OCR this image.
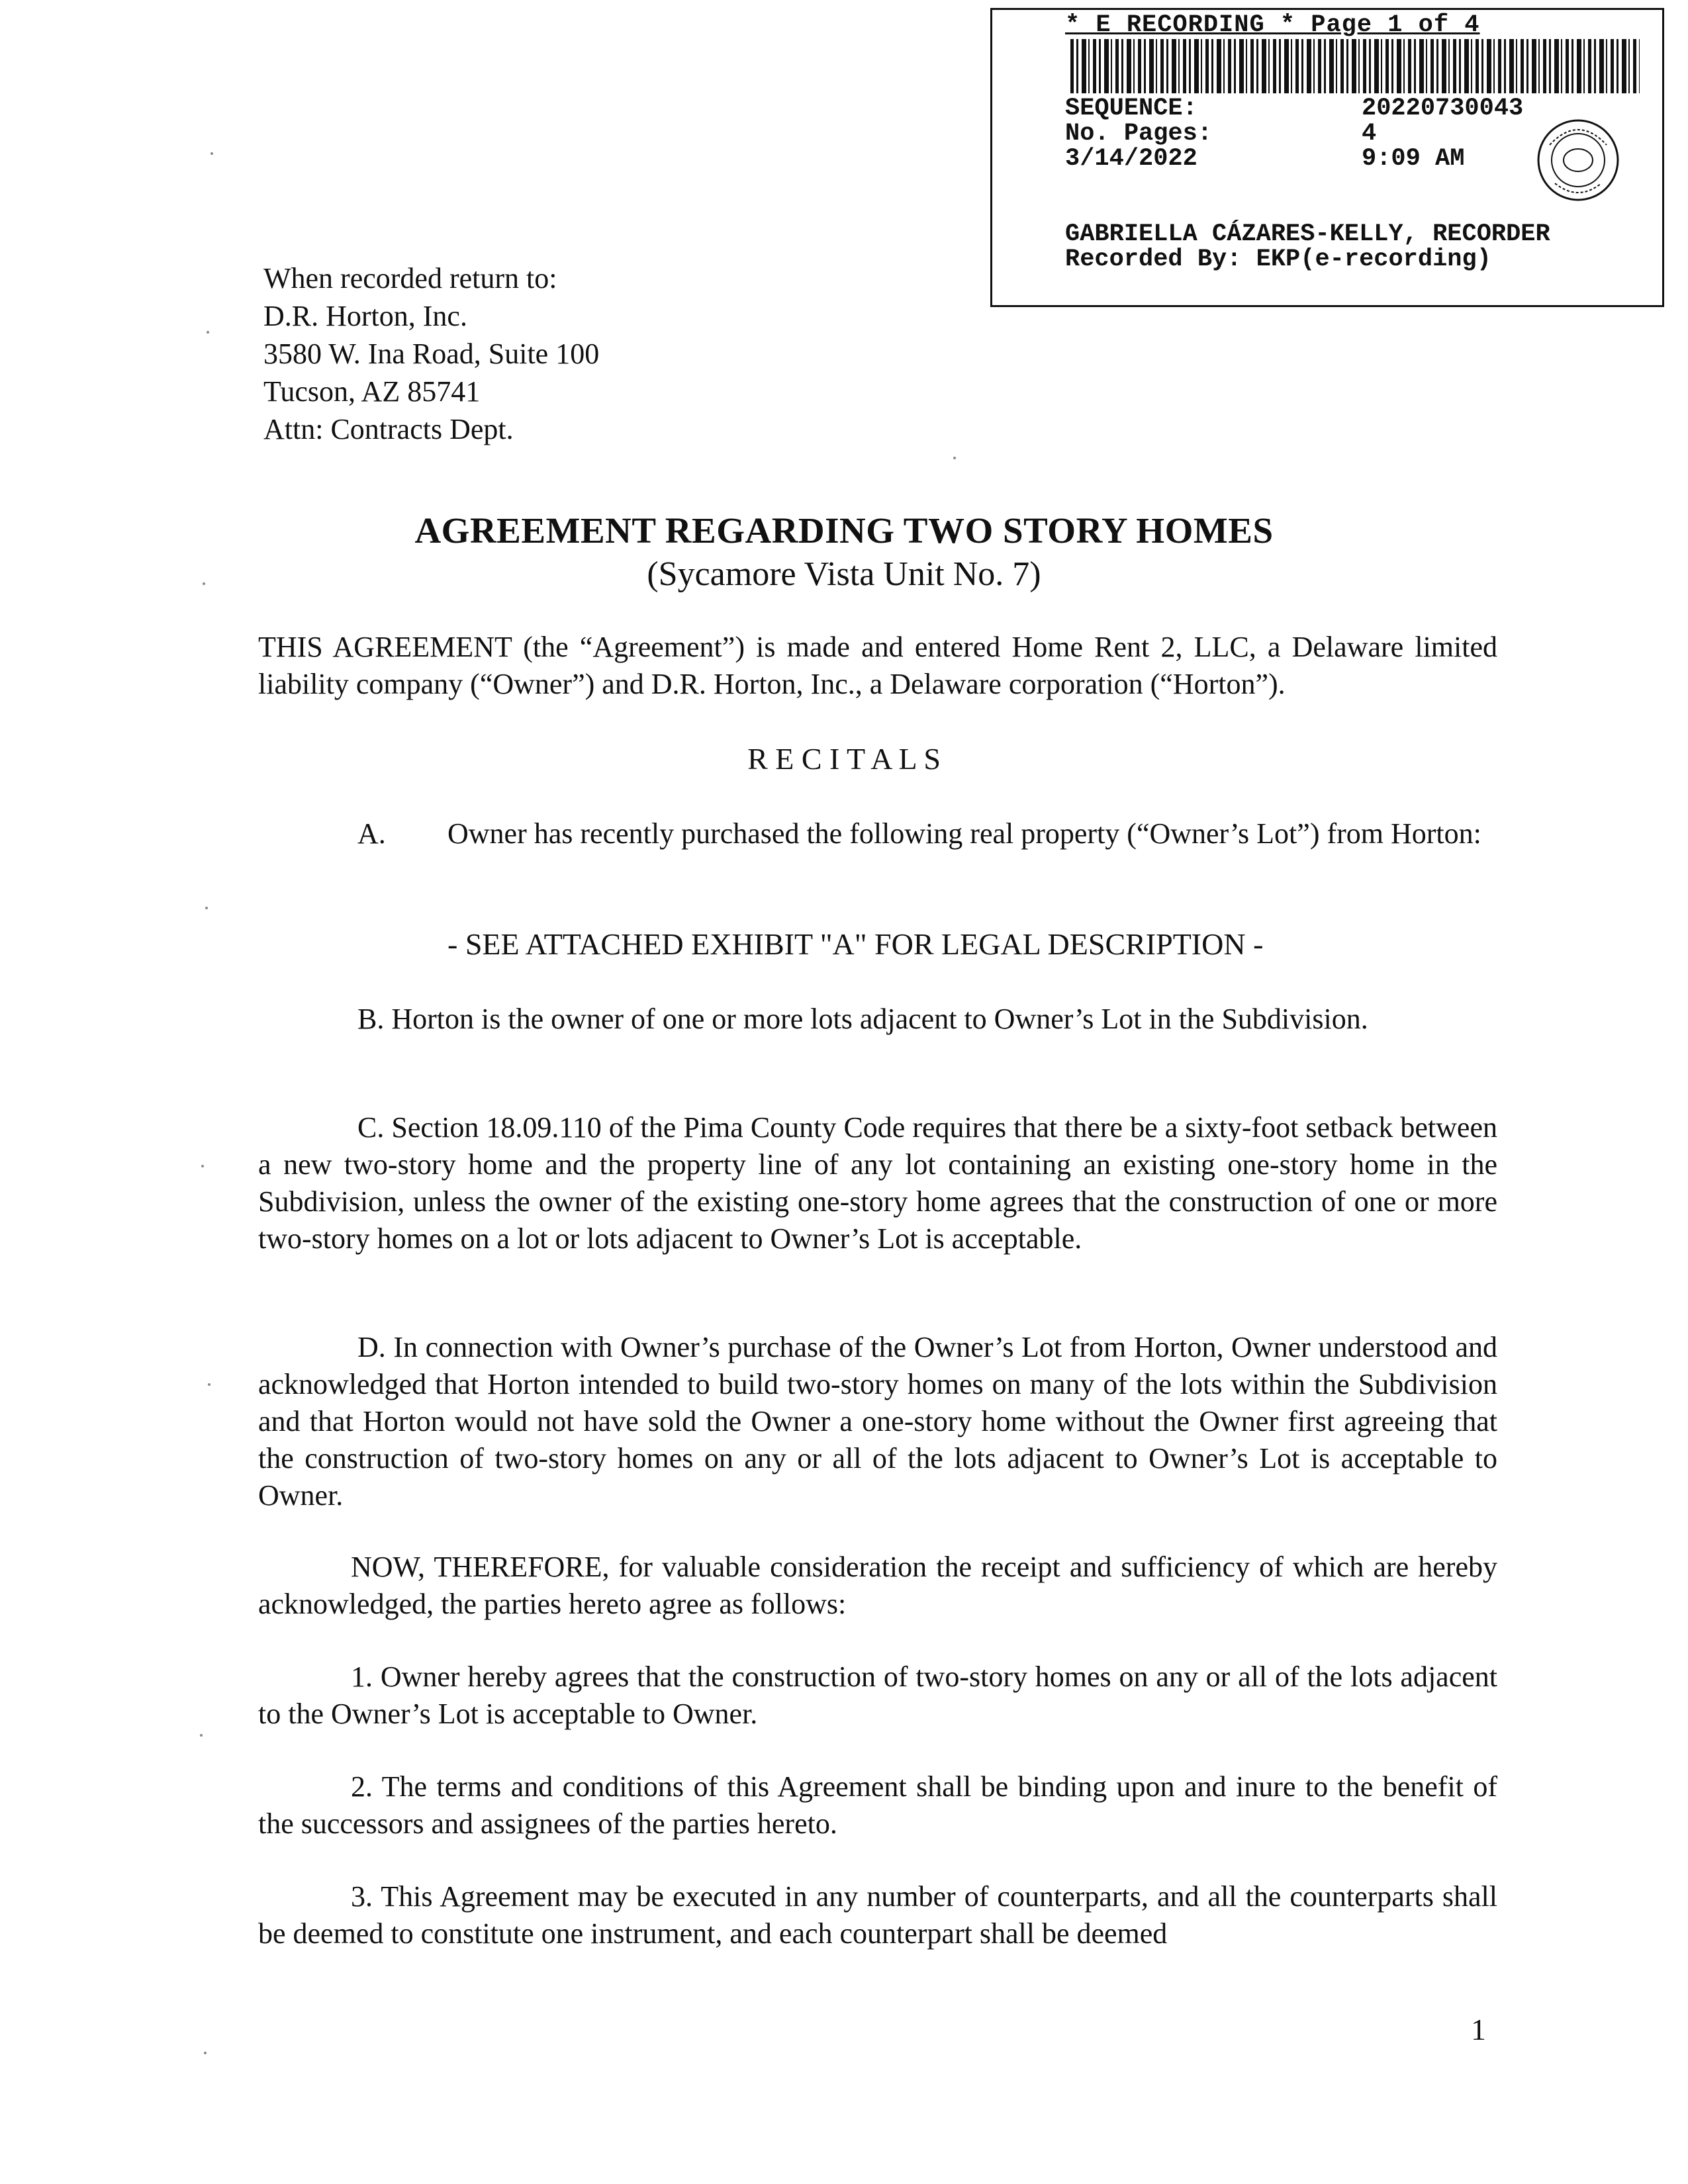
* E RECORDING * Page 1 of 4
SEQUENCE:	20220730043
No. Pages:	4
3/14/2022	9:09 AM
GABRIELLA CÁZARES-KELLY, RECORDER
Recorded By: EKP(e-recording)
When recorded return to:
D.R. Horton, Inc.
3580 W. Ina Road, Suite 100
Tucson, AZ 85741
Attn: Contracts Dept.
AGREEMENT REGARDING TWO STORY HOMES
(Sycamore Vista Unit No. 7)
THIS AGREEMENT (the “Agreement”) is made and entered Home Rent 2, LLC, a Delaware limited liability company (“Owner”) and D.R. Horton, Inc., a Delaware corporation (“Horton”).
R E C I T A L S
A. Owner has recently purchased the following real property (“Owner’s Lot”) from Horton:
- SEE ATTACHED EXHIBIT "A" FOR LEGAL DESCRIPTION -
B. Horton is the owner of one or more lots adjacent to Owner’s Lot in the Subdivision.
C. Section 18.09.110 of the Pima County Code requires that there be a sixty-foot setback between a new two-story home and the property line of any lot containing an existing one-story home in the Subdivision, unless the owner of the existing one-story home agrees that the construction of one or more two-story homes on a lot or lots adjacent to Owner’s Lot is acceptable.
D. In connection with Owner’s purchase of the Owner’s Lot from Horton, Owner understood and acknowledged that Horton intended to build two-story homes on many of the lots within the Subdivision and that Horton would not have sold the Owner a one-story home without the Owner first agreeing that the construction of two-story homes on any or all of the lots adjacent to Owner’s Lot is acceptable to Owner.
NOW, THEREFORE, for valuable consideration the receipt and sufficiency of which are hereby acknowledged, the parties hereto agree as follows:
1. Owner hereby agrees that the construction of two-story homes on any or all of the lots adjacent to the Owner’s Lot is acceptable to Owner.
2. The terms and conditions of this Agreement shall be binding upon and inure to the benefit of the successors and assignees of the parties hereto.
3. This Agreement may be executed in any number of counterparts, and all the counterparts shall be deemed to constitute one instrument, and each counterpart shall be deemed
1
